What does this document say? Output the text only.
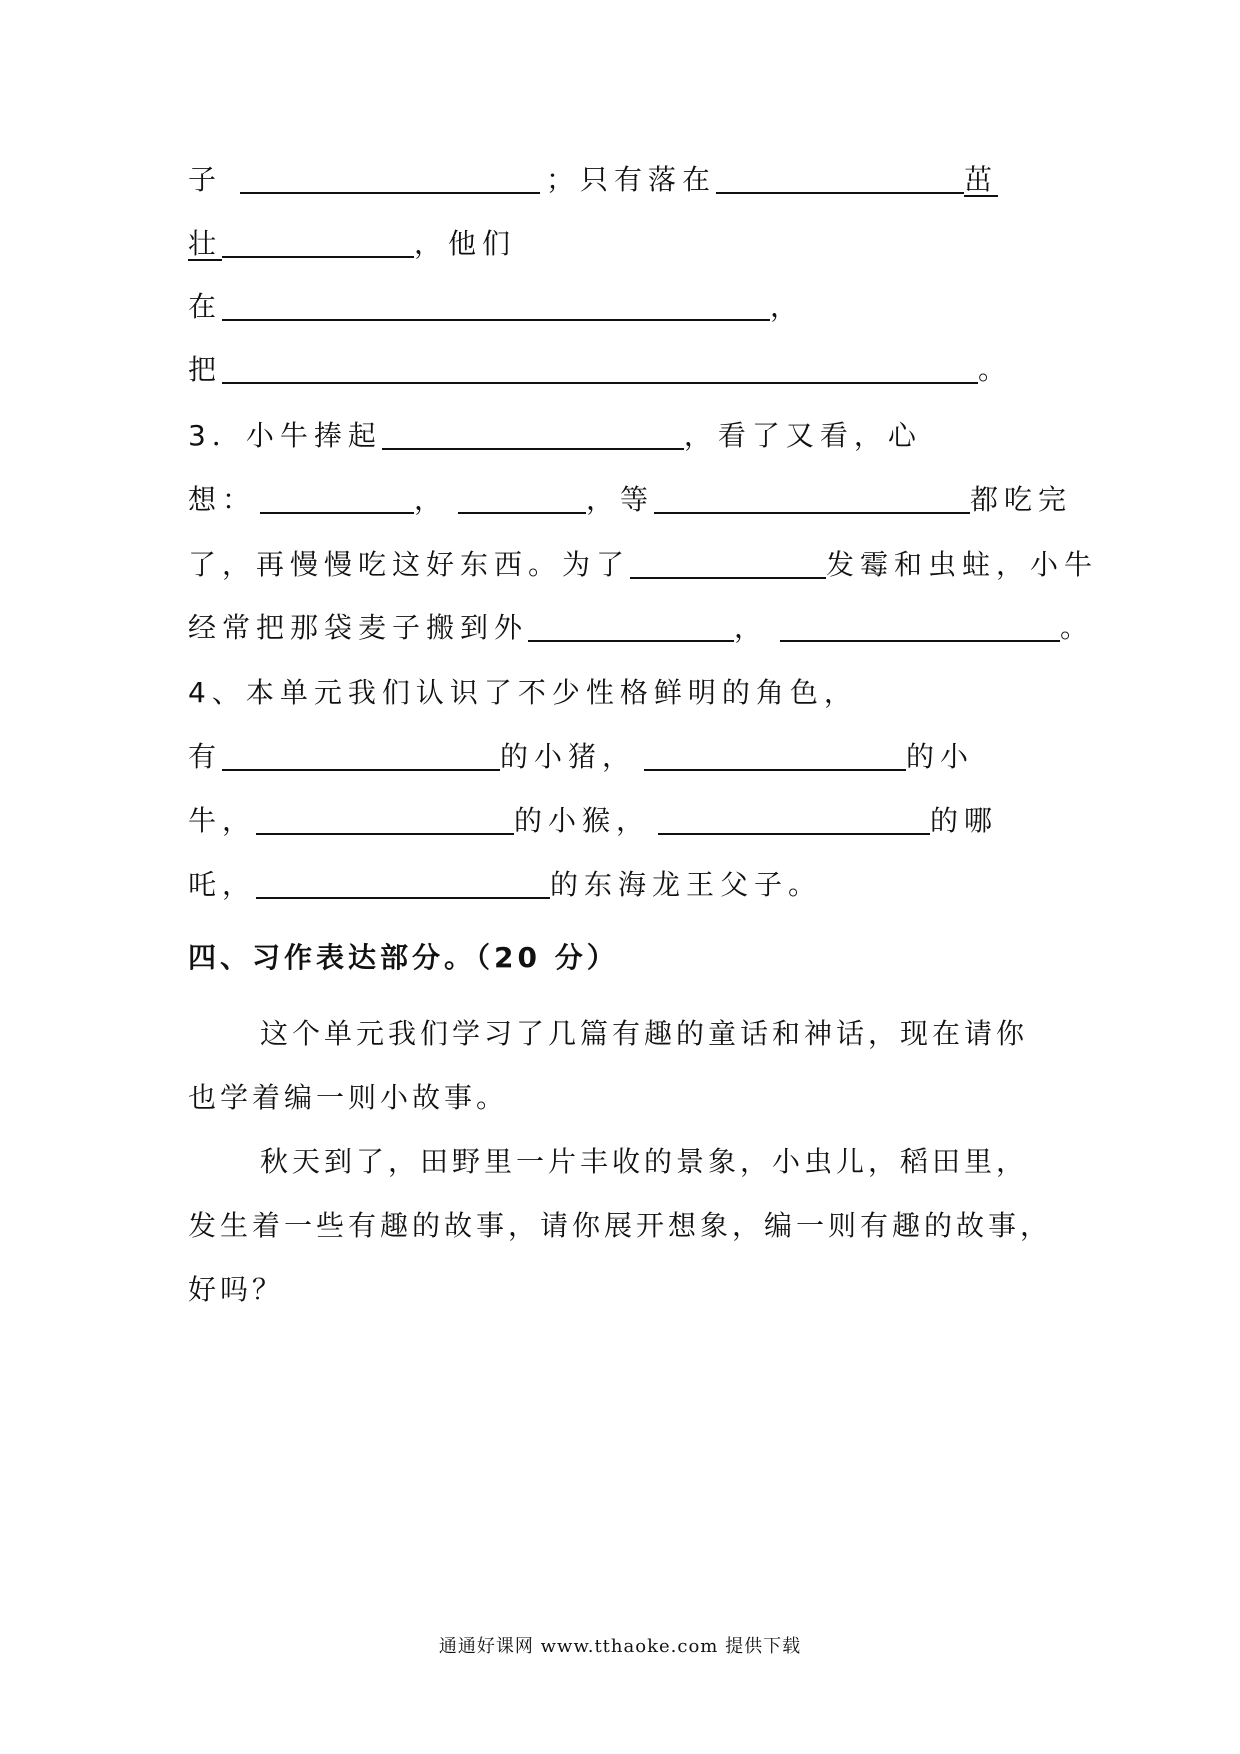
子	；只有落在	茁
壮	，他们
在	，
把	。
3．小牛捧起	，看了又看，心
想：	，	，等	都吃完
了，再慢慢吃这好东西。为了	发霉和虫蛀，小牛
经常把那袋麦子搬到外	，	。
4、本单元我们认识了不少性格鲜明的角色，
有	的小猪，	的小
牛，	的小猴，	的哪
吒，	的东海龙王父子。
四、习作表达部分。（20 分）
这个单元我们学习了几篇有趣的童话和神话，现在请你也学着编一则小故事。
秋天到了，田野里一片丰收的景象，小虫儿，稻田里，发生着一些有趣的故事，请你展开想象，编一则有趣的故事，好吗？
通通好课网 www.tthaoke.com 提供下载
